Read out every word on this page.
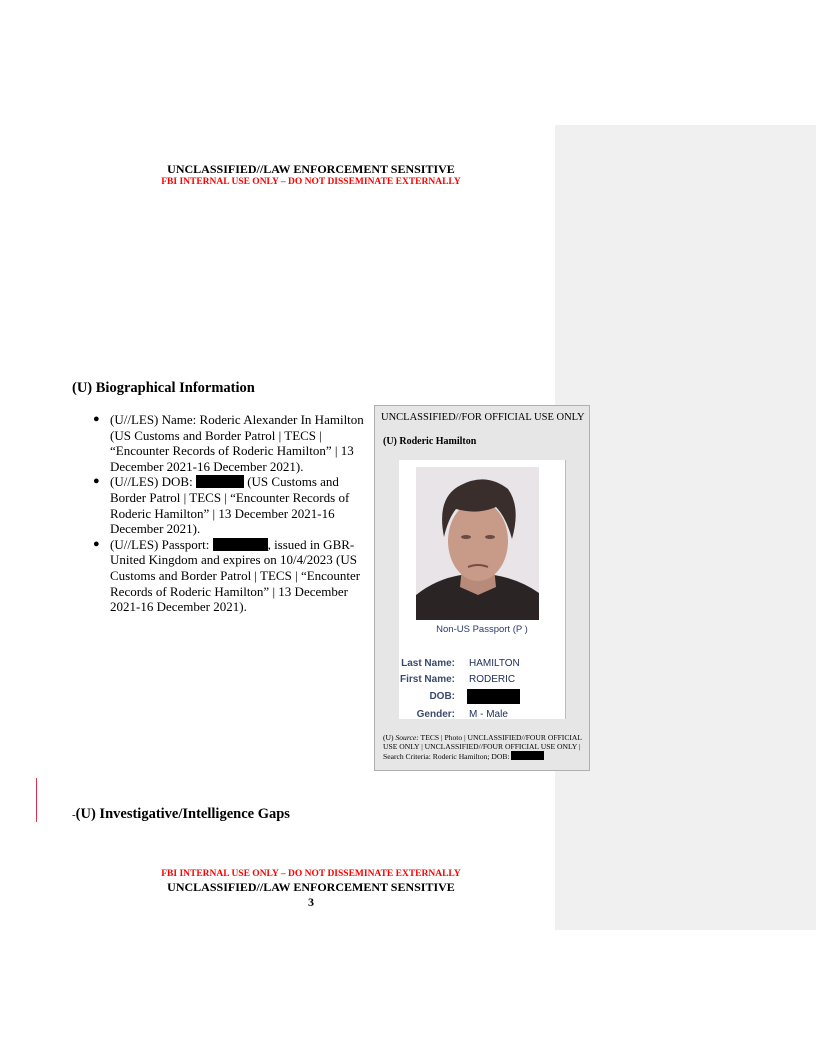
UNCLASSIFIED//LAW ENFORCEMENT SENSITIVE
FBI INTERNAL USE ONLY – DO NOT DISSEMINATE EXTERNALLY
(U) Biographical Information
● (U//LES) Name: Roderic Alexander In Hamilton (US Customs and Border Patrol | TECS | “Encounter Records of Roderic Hamilton” | 13 December 2021-16 December 2021).
● (U//LES) DOB:	(US Customs and Border Patrol | TECS | “Encounter Records of Roderic Hamilton” | 13 December 2021-16 December 2021).
● (U//LES) Passport:	, issued in GBR-United Kingdom and expires on 10/4/2023 (US Customs and Border Patrol | TECS | “Encounter Records of Roderic Hamilton” | 13 December 2021-16 December 2021).
UNCLASSIFIED//FOR OFFICIAL USE ONLY
(U) Roderic Hamilton
Non-US Passport (P )
Last Name: HAMILTON
First Name: RODERIC
DOB:
Gender: M - Male
(U) Source: TECS | Photo | UNCLASSIFIED//FOUR OFFICIAL USE ONLY | UNCLASSIFIED//FOUR OFFICIAL USE ONLY | Search Criteria: Roderic Hamilton; DOB:
-(U) Investigative/Intelligence Gaps
FBI INTERNAL USE ONLY – DO NOT DISSEMINATE EXTERNALLY
UNCLASSIFIED//LAW ENFORCEMENT SENSITIVE
3
